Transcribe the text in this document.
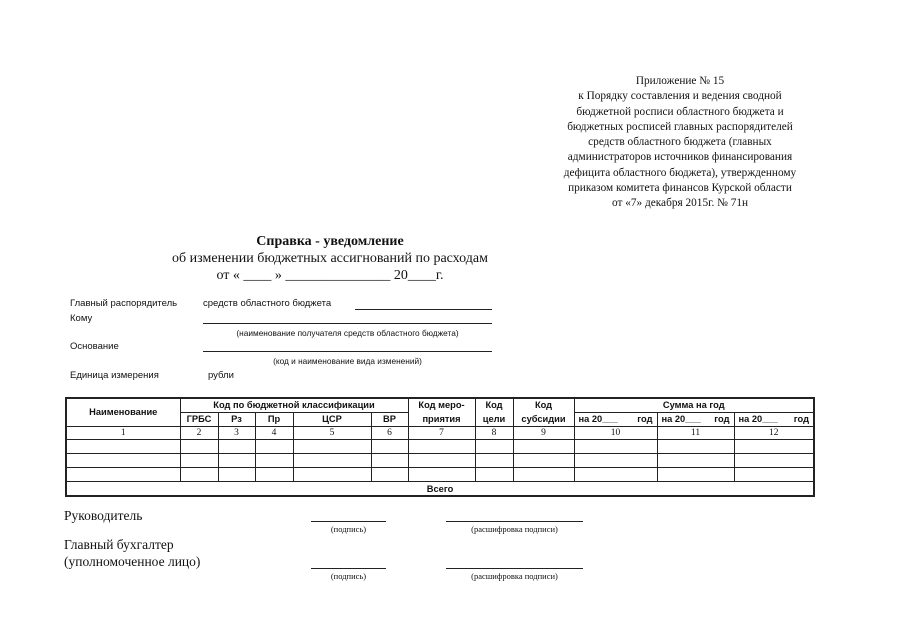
Приложение № 15
к Порядку составления и ведения сводной
бюджетной росписи областного бюджета и
бюджетных росписей главных распорядителей
средств областного бюджета (главных
администраторов источников финансирования
дефицита областного бюджета), утвержденному
приказом комитета финансов Курской области
от «7» декабря 2015г. № 71н
Справка - уведомление
об изменении бюджетных ассигнований по расходам
от « ____ » _______________ 20____г.
Главный распорядитель	средств областного бюджета
Кому
(наименование получателя средств областного бюджета)
Основание
(код и наименование вида изменений)
Единица измерения	рубли
Наименование	Код по бюджетной классификации					Код меро-	Код	Код	Сумма на год		
	ГРБС	Рз	Пр	ЦСР	ВР	приятия	цели	субсидии	на 20___ год	на 20___ год	на 20___ год

1	2	3	4	5	6	7	8	9	10	11	12

Всего											
Руководитель
(подпись)	(расшифровка подписи)
Главный бухгалтер
(уполномоченное лицо)
(подпись)	(расшифровка подписи)
